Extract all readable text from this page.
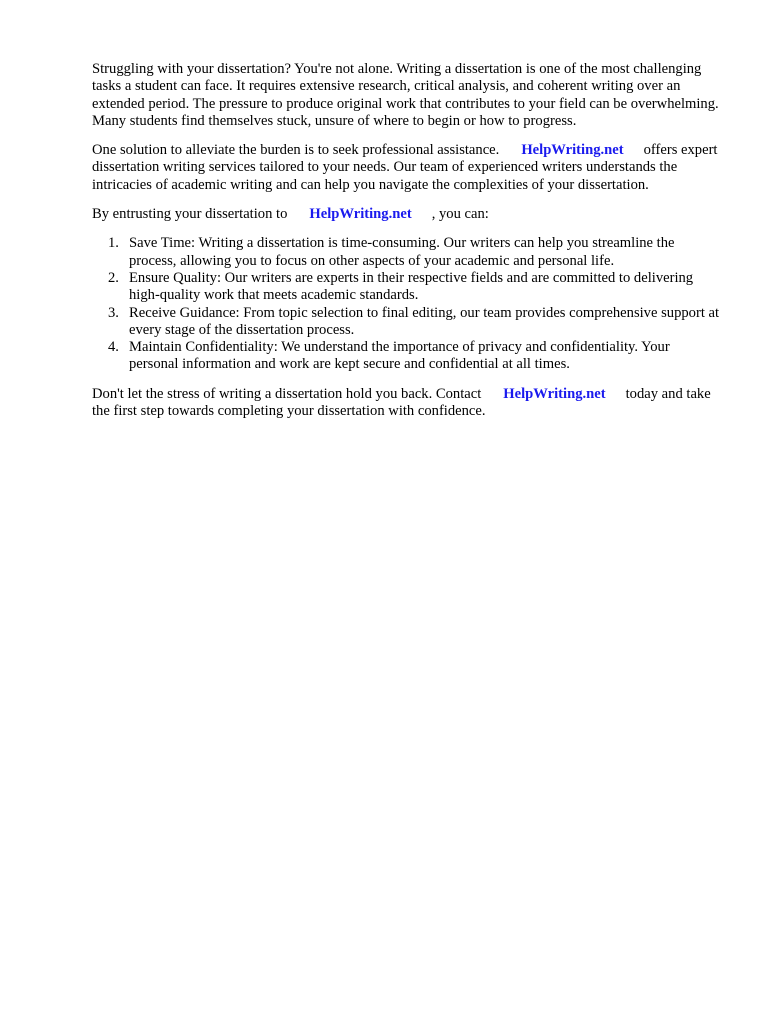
Struggling with your dissertation? You're not alone. Writing a dissertation is one of the most challenging tasks a student can face. It requires extensive research, critical analysis, and coherent writing over an extended period. The pressure to produce original work that contributes to your field can be overwhelming. Many students find themselves stuck, unsure of where to begin or how to progress.

One solution to alleviate the burden is to seek professional assistance. HelpWriting.net offers expert dissertation writing services tailored to your needs. Our team of experienced writers understands the intricacies of academic writing and can help you navigate the complexities of your dissertation.

By entrusting your dissertation to HelpWriting.net , you can:

1. Save Time: Writing a dissertation is time-consuming. Our writers can help you streamline the process, allowing you to focus on other aspects of your academic and personal life.
2. Ensure Quality: Our writers are experts in their respective fields and are committed to delivering high-quality work that meets academic standards.
3. Receive Guidance: From topic selection to final editing, our team provides comprehensive support at every stage of the dissertation process.
4. Maintain Confidentiality: We understand the importance of privacy and confidentiality. Your personal information and work are kept secure and confidential at all times.

Don't let the stress of writing a dissertation hold you back. Contact HelpWriting.net today and take the first step towards completing your dissertation with confidence.
